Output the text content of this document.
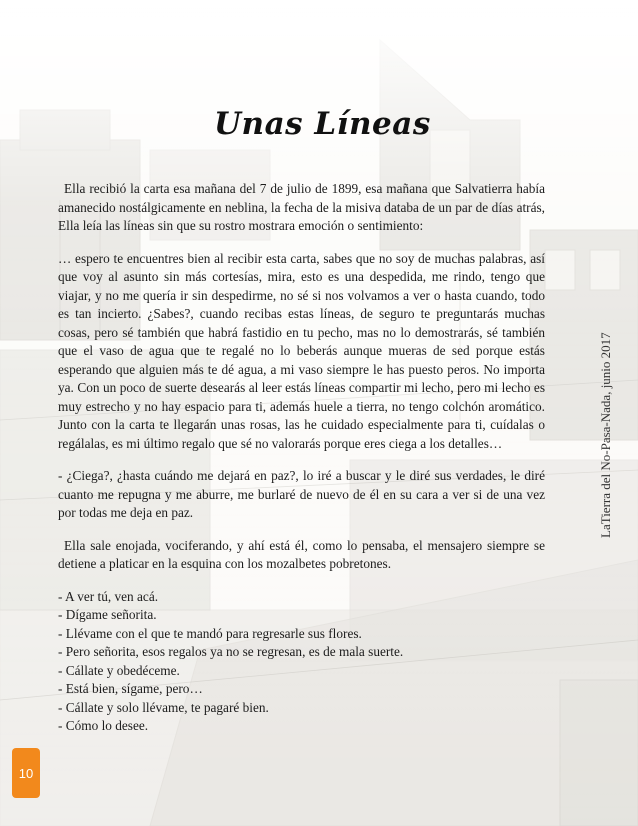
Unas Líneas

Ella recibió la carta esa mañana del 7 de julio de 1899, esa mañana que Salvatierra había amanecido nostálgicamente en neblina, la fecha de la misiva databa de un par de días atrás, Ella leía las líneas sin que su rostro mostrara emoción o sentimiento:

… espero te encuentres bien al recibir esta carta, sabes que no soy de muchas palabras, así que voy al asunto sin más cortesías, mira, esto es una despedida, me rindo, tengo que viajar, y no me quería ir sin despedirme, no sé si nos volvamos a ver o hasta cuando, todo es tan incierto. ¿Sabes?, cuando recibas estas líneas, de seguro te preguntarás muchas cosas, pero sé también que habrá fastidio en tu pecho, mas no lo demostrarás, sé también que el vaso de agua que te regalé no lo beberás aunque mueras de sed porque estás esperando que alguien más te dé agua, a mi vaso siempre le has puesto peros. No importa ya. Con un poco de suerte desearás al leer estás líneas compartir mi lecho, pero mi lecho es muy estrecho y no hay espacio para ti, además huele a tierra, no tengo colchón aromático. Junto con la carta te llegarán unas rosas, las he cuidado especialmente para ti, cuídalas o regálalas, es mi último regalo que sé no valorarás porque eres ciega a los detalles…

- ¿Ciega?, ¿hasta cuándo me dejará en paz?, lo iré a buscar y le diré sus verdades, le diré cuanto me repugna y me aburre, me burlaré de nuevo de él en su cara a ver si de una vez por todas me deja en paz.

Ella sale enojada, vociferando, y ahí está él, como lo pensaba, el mensajero siempre se detiene a platicar en la esquina con los mozalbetes pobretones.

- A ver tú, ven acá.
- Dígame señorita.
- Llévame con el que te mandó para regresarle sus flores.
- Pero señorita, esos regalos ya no se regresan, es de mala suerte.
- Cállate y obedéceme.
- Está bien, sígame, pero…
- Cállate y solo llévame, te pagaré bien.
- Cómo lo desee.
LaTierra del No-Pasa-Nada, junio 2017
10
